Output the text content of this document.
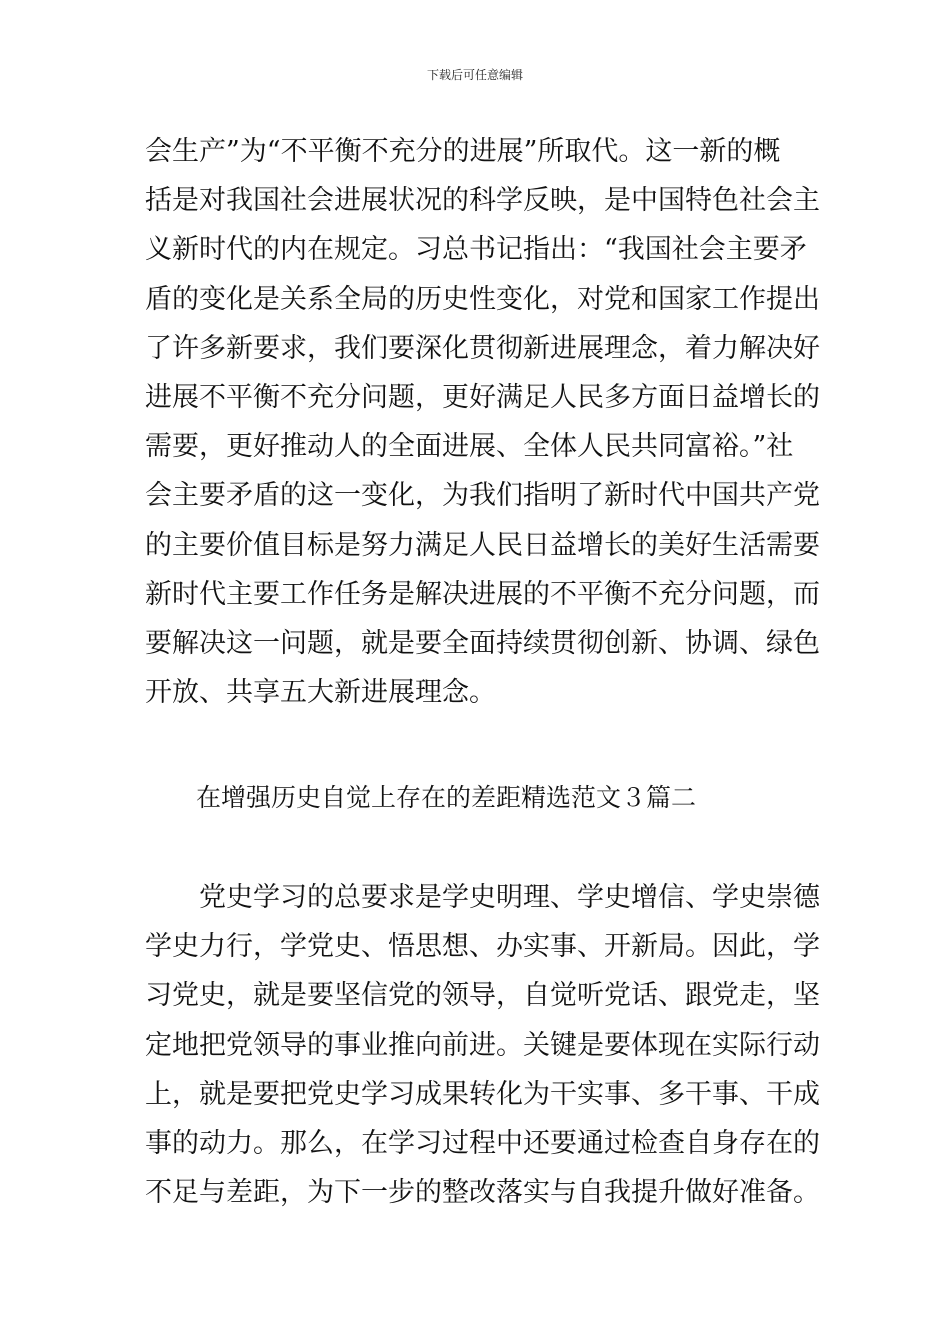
下载后可任意编辑
会生产”为“不平衡不充分的进展”所取代。这一新的概
括是对我国社会进展状况的科学反映，是中国特色社会主
义新时代的内在规定。习总书记指出：“我国社会主要矛
盾的变化是关系全局的历史性变化，对党和国家工作提出
了许多新要求，我们要深化贯彻新进展理念，着力解决好
进展不平衡不充分问题，更好满足人民多方面日益增长的
需要，更好推动人的全面进展、全体人民共同富裕。”社
会主要矛盾的这一变化，为我们指明了新时代中国共产党
的主要价值目标是努力满足人民日益增长的美好生活需要
新时代主要工作任务是解决进展的不平衡不充分问题，而
要解决这一问题，就是要全面持续贯彻创新、协调、绿色
开放、共享五大新进展理念。
在增强历史自觉上存在的差距精选范文３篇二
　　党史学习的总要求是学史明理、学史增信、学史崇德
学史力行，学党史、悟思想、办实事、开新局。因此，学
习党史，就是要坚信党的领导，自觉听党话、跟党走，坚
定地把党领导的事业推向前进。关键是要体现在实际行动
上，就是要把党史学习成果转化为干实事、多干事、干成
事的动力。那么，在学习过程中还要通过检查自身存在的
不足与差距，为下一步的整改落实与自我提升做好准备。
